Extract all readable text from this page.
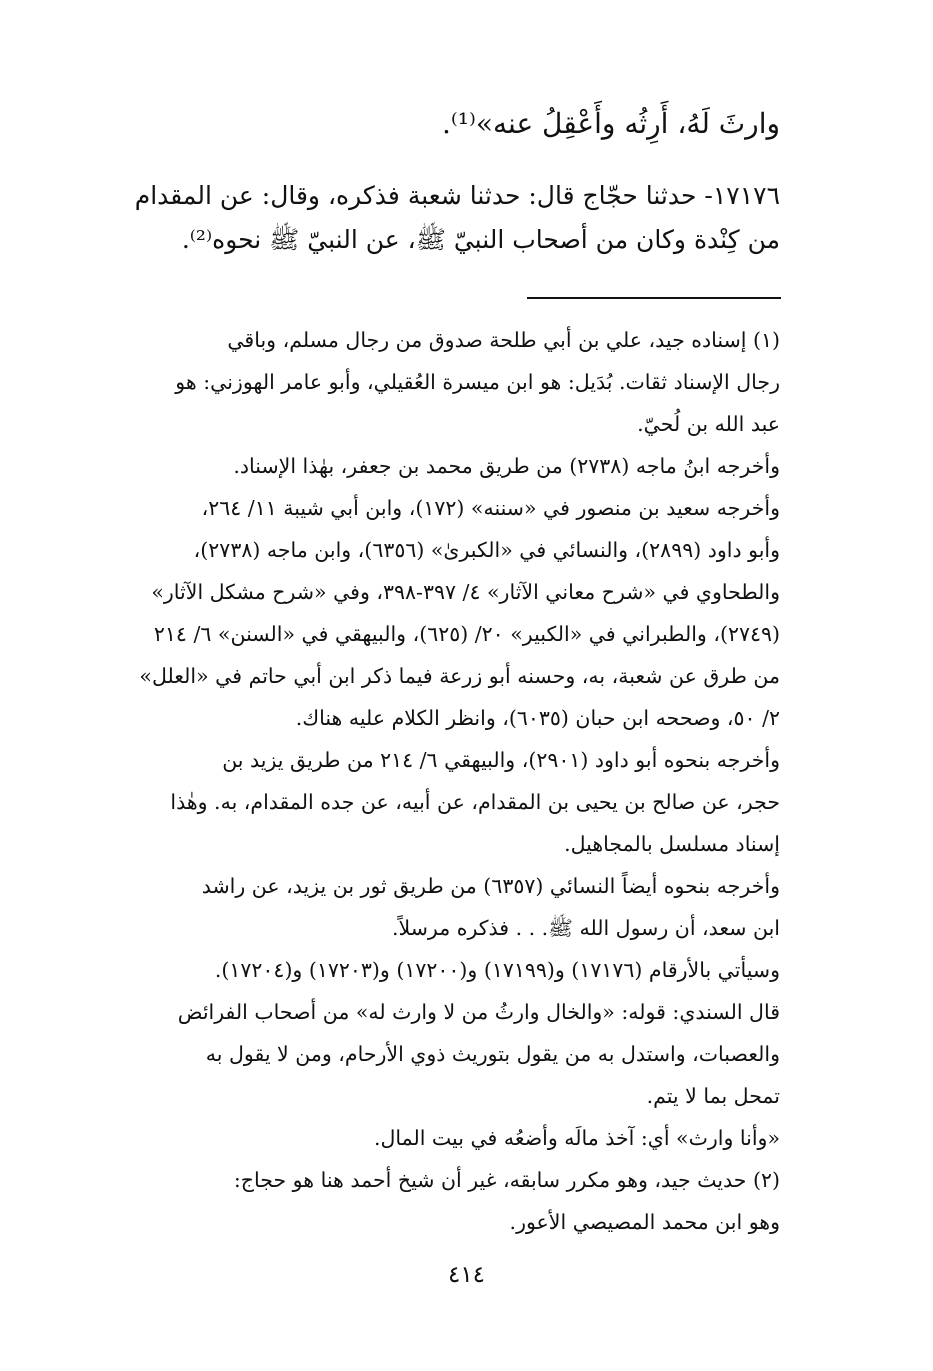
وارثَ لَهُ، أَرِثُه وأَعْقِلُ عنه»⁽¹⁾.
١٧١٧٦- حدثنا حجّاج قال: حدثنا شعبة فذكره، وقال: عن المقدام
من كِنْدة وكان من أصحاب النبيّ ﷺ، عن النبيّ ﷺ نحوه⁽²⁾.
(١) إسناده جيد، علي بن أبي طلحة صدوق من رجال مسلم، وباقي
رجال الإسناد ثقات. بُدَيل: هو ابن ميسرة العُقيلي، وأبو عامر الهوزني: هو
عبد الله بن لُحيّ.
وأخرجه ابنُ ماجه (٢٧٣٨) من طريق محمد بن جعفر، بهٰذا الإسناد.
وأخرجه سعيد بن منصور في «سننه» (١٧٢)، وابن أبي شيبة ١١/ ٢٦٤،
وأبو داود (٢٨٩٩)، والنسائي في «الكبرىٰ» (٦٣٥٦)، وابن ماجه (٢٧٣٨)،
والطحاوي في «شرح معاني الآثار» ٤/ ٣٩٧-٣٩٨، وفي «شرح مشكل الآثار»
(٢٧٤٩)، والطبراني في «الكبير» ٢٠/ (٦٢٥)، والبيهقي في «السنن» ٦/ ٢١٤
من طرق عن شعبة، به، وحسنه أبو زرعة فيما ذكر ابن أبي حاتم في «العلل»
٢/ ٥٠، وصححه ابن حبان (٦٠٣٥)، وانظر الكلام عليه هناك.
وأخرجه بنحوه أبو داود (٢٩٠١)، والبيهقي ٦/ ٢١٤ من طريق يزيد بن
حجر، عن صالح بن يحيى بن المقدام، عن أبيه، عن جده المقدام، به. وهٰذا
إسناد مسلسل بالمجاهيل.
وأخرجه بنحوه أيضاً النسائي (٦٣٥٧) من طريق ثور بن يزيد، عن راشد
ابن سعد، أن رسول الله ﷺ. . . فذكره مرسلاً.
وسيأتي بالأرقام (١٧١٧٦) و(١٧١٩٩) و(١٧٢٠٠) و(١٧٢٠٣) و(١٧٢٠٤).
قال السندي: قوله: «والخال وارثُ من لا وارث له» من أصحاب الفرائض
والعصبات، واستدل به من يقول بتوريث ذوي الأرحام، ومن لا يقول به
تمحل بما لا يتم.
«وأنا وارث» أي: آخذ مالَه وأضعُه في بيت المال.
(٢) حديث جيد، وهو مكرر سابقه، غير أن شيخ أحمد هنا هو حجاج:
وهو ابن محمد المصيصي الأعور.
٤١٤
